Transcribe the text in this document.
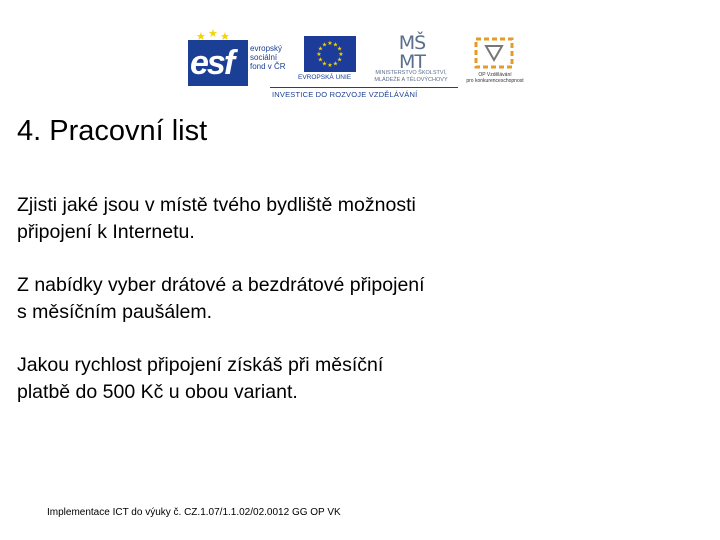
★ ★ ★
esf evropský
sociální
fond v ČR
★
★
★
★
★
★
★
★
★ ★ ★
★
EVROPSKÁ UNIE
MŠ
MT
MINISTERSTVO ŠKOLSTVÍ,
MLÁDEŽE A TĚLOVÝCHOVY
OP Vzdělávání
pro konkurenceschopnost
INVESTICE DO ROZVOJE VZDĚLÁVÁNÍ
4. Pracovní list
Zjisti jaké jsou v místě tvého bydliště možnosti
připojení k Internetu.
Z nabídky vyber drátové a bezdrátové připojení
s měsíčním paušálem.
Jakou rychlost připojení získáš při měsíční
platbě do 500 Kč u obou variant.
Implementace ICT do výuky č. CZ.1.07/1.1.02/02.0012 GG OP VK
